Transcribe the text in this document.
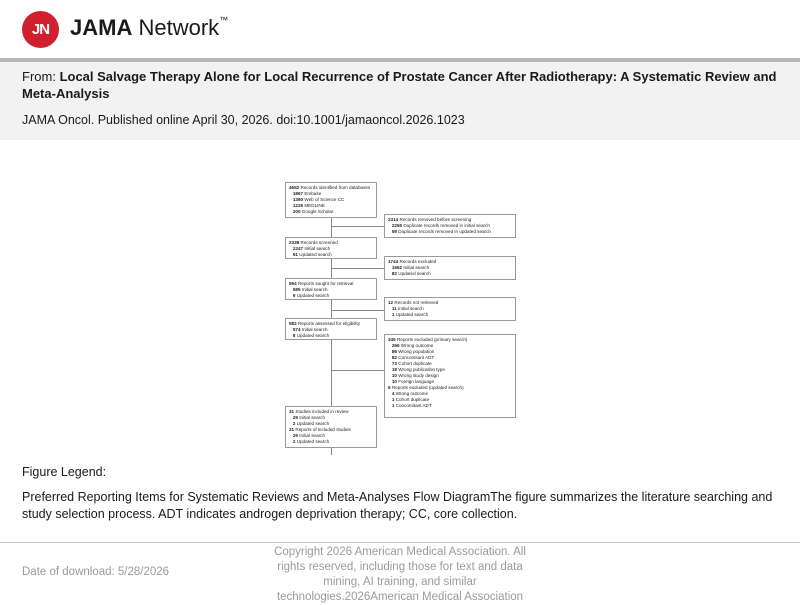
JN JAMA Network™
From: Local Salvage Therapy Alone for Local Recurrence of Prostate Cancer After Radiotherapy: A Systematic Review and Meta-Analysis
JAMA Oncol. Published online April 30, 2026. doi:10.1001/jamaoncol.2026.1023
4652 Records identified from databases
1867 Embase
1360 Web of Science CC
1225 MEDLINE
200 Google Scholar
2314 Records removed before screening
2255 Duplicate records removed in initial search
59 Duplicate records removed in updated search
2338 Records screened
2247 Initial search
91 Updated search
1744 Records excluded
1662 Initial search
82 Updated search
594 Reports sought for retrieval
585 Initial search
9 Updated search
12 Records not retrieved
11 Initial search
1 Updated search
582 Reports assessed for eligibility
574 Initial search
8 Updated search
345 Reports excluded (primary search)
266 Wrong outcome
86 Wrong population
82 Concomitant ADT
73 Cohort duplicate
18 Wrong publication type
10 Wrong study design
10 Foreign language
6 Reports excluded (updated search)
4 Wrong outcome
1 Cohort duplicate
1 Concomitant ADT
31 Studies included in review
29 Initial search
2 Updated search
31 Reports of included studies
29 Initial search
2 Updated search
Figure Legend:
Preferred Reporting Items for Systematic Reviews and Meta-Analyses Flow DiagramThe figure summarizes the literature searching and study selection process. ADT indicates androgen deprivation therapy; CC, core collection.
Date of download: 5/28/2026
Copyright 2026 American Medical Association. All rights reserved, including those for text and data mining, AI training, and similar technologies.2026American Medical Association
